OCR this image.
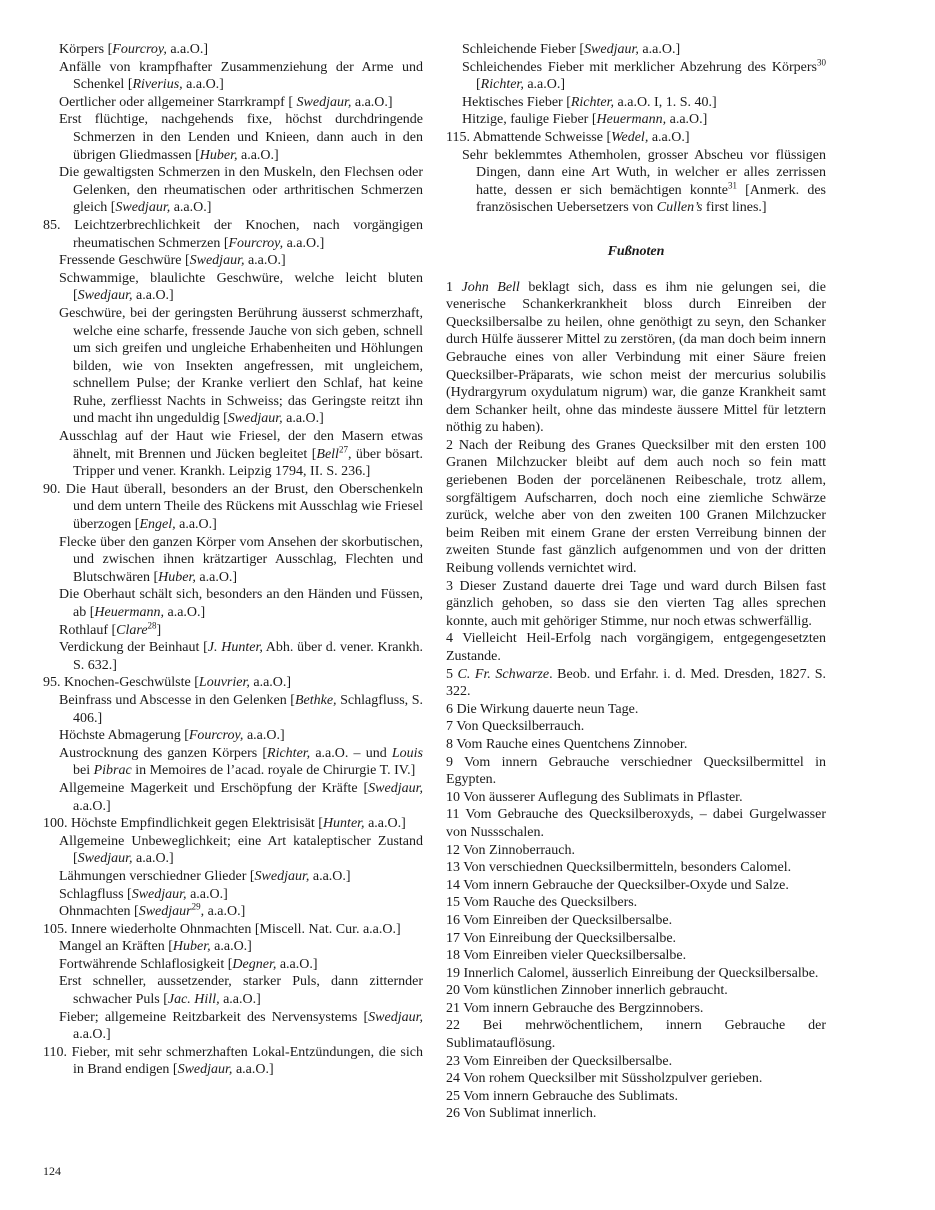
Körpers [Fourcroy, a.a.O.]
Anfälle von krampfhafter Zusammenziehung der Arme und Schenkel [Riverius, a.a.O.]
Oertlicher oder allgemeiner Starrkrampf [ Swedjaur, a.a.O.]
Erst flüchtige, nachgehends fixe, höchst durchdringende Schmerzen in den Lenden und Knieen, dann auch in den übrigen Gliedmassen [Huber, a.a.O.]
Die gewaltigsten Schmerzen in den Muskeln, den Flechsen oder Gelenken, den rheumatischen oder arthritischen Schmerzen gleich [Swedjaur, a.a.O.]
85. Leichtzerbrechlichkeit der Knochen, nach vorgängigen rheumatischen Schmerzen [Fourcroy, a.a.O.]
Fressende Geschwüre [Swedjaur, a.a.O.]
Schwammige, blaulichte Geschwüre, welche leicht bluten [Swedjaur, a.a.O.]
Geschwüre, bei der geringsten Berührung äusserst schmerzhaft, welche eine scharfe, fressende Jauche von sich geben, schnell um sich greifen und ungleiche Erhabenheiten und Höhlungen bilden, wie von Insekten angefressen, mit ungleichem, schnellem Pulse; der Kranke verliert den Schlaf, hat keine Ruhe, zerfliesst Nachts in Schweiss; das Geringste reitzt ihn und macht ihn ungeduldig [Swedjaur, a.a.O.]
Ausschlag auf der Haut wie Friesel, der den Masern etwas ähnelt, mit Brennen und Jücken begleitet [Bell$^{27}$, über bösart. Tripper und vener. Krankh. Leipzig 1794, II. S. 236.]
90. Die Haut überall, besonders an der Brust, den Oberschenkeln und dem untern Theile des Rückens mit Ausschlag wie Friesel überzogen [Engel, a.a.O.]
Flecke über den ganzen Körper vom Ansehen der skorbutischen, und zwischen ihnen krätzartiger Ausschlag, Flechten und Blutschwären [Huber, a.a.O.]
Die Oberhaut schält sich, besonders an den Händen und Füssen, ab [Heuermann, a.a.O.]
Rothlauf [Clare$^{28}$]
Verdickung der Beinhaut [J. Hunter, Abh. über d. vener. Krankh. S. 632.]
95. Knochen-Geschwülste [Louvrier, a.a.O.]
Beinfrass und Abscesse in den Gelenken [Bethke, Schlagfluss, S. 406.]
Höchste Abmagerung [Fourcroy, a.a.O.]
Austrocknung des ganzen Körpers [Richter, a.a.O. – und Louis bei Pibrac in Memoires de l’acad. royale de Chirurgie T. IV.]
Allgemeine Magerkeit und Erschöpfung der Kräfte [Swedjaur, a.a.O.]
100. Höchste Empfindlichkeit gegen Elektrisisät [Hunter, a.a.O.]
Allgemeine Unbeweglichkeit; eine Art kataleptischer Zustand [Swedjaur, a.a.O.]
Lähmungen verschiedner Glieder [Swedjaur, a.a.O.]
Schlagfluss [Swedjaur, a.a.O.]
Ohnmachten [Swedjaur$^{29}$, a.a.O.]
105. Innere wiederholte Ohnmachten [Miscell. Nat. Cur. a.a.O.]
Mangel an Kräften [Huber, a.a.O.]
Fortwährende Schlaflosigkeit [Degner, a.a.O.]
Erst schneller, aussetzender, starker Puls, dann zitternder schwacher Puls [Jac. Hill, a.a.O.]
Fieber; allgemeine Reitzbarkeit des Nervensystems [Swedjaur, a.a.O.]
110. Fieber, mit sehr schmerzhaften Lokal-Entzündungen, die sich in Brand endigen [Swedjaur, a.a.O.]
Schleichende Fieber [Swedjaur, a.a.O.]
Schleichendes Fieber mit merklicher Abzehrung des Körpers$^{30}$ [Richter, a.a.O.]
Hektisches Fieber [Richter, a.a.O. I, 1. S. 40.]
Hitzige, faulige Fieber [Heuermann, a.a.O.]
115. Abmattende Schweisse [Wedel, a.a.O.]
Sehr beklemmtes Athemholen, grosser Abscheu vor flüssigen Dingen, dann eine Art Wuth, in welcher er alles zerrissen hatte, dessen er sich bemächtigen konnte$^{31}$ [Anmerk. des französischen Uebersetzers von Cullen’s first lines.]
Fußnoten
1 John Bell beklagt sich, dass es ihm nie gelungen sei, die venerische Schankerkrankheit bloss durch Einreiben der Quecksilbersalbe zu heilen, ohne genöthigt zu seyn, den Schanker durch Hülfe äusserer Mittel zu zerstören, (da man doch beim innern Gebrauche eines von aller Verbindung mit einer Säure freien Quecksilber-Präparats, wie schon meist der mercurius solubilis (Hydrargyrum oxydulatum nigrum) war, die ganze Krankheit samt dem Schanker heilt, ohne das mindeste äussere Mittel für letztern nöthig zu haben).
2 Nach der Reibung des Granes Quecksilber mit den ersten 100 Granen Milchzucker bleibt auf dem auch noch so fein matt geriebenen Boden der porcelänenen Reibeschale, trotz allem, sorgfältigem Aufscharren, doch noch eine ziemliche Schwärze zurück, welche aber von den zweiten 100 Granen Milchzucker beim Reiben mit einem Grane der ersten Verreibung binnen der zweiten Stunde fast gänzlich aufgenommen und von der dritten Reibung vollends vernichtet wird.
3 Dieser Zustand dauerte drei Tage und ward durch Bilsen fast gänzlich gehoben, so dass sie den vierten Tag alles sprechen konnte, auch mit gehöriger Stimme, nur noch etwas schwerfällig.
4 Vielleicht Heil-Erfolg nach vorgängigem, entgegengesetzten Zustande.
5 C. Fr. Schwarze. Beob. und Erfahr. i. d. Med. Dresden, 1827. S. 322.
6 Die Wirkung dauerte neun Tage.
7 Von Quecksilberrauch.
8 Vom Rauche eines Quentchens Zinnober.
9 Vom innern Gebrauche verschiedner Quecksilbermittel in Egypten.
10 Von äusserer Auflegung des Sublimats in Pflaster.
11 Vom Gebrauche des Quecksilberoxyds, – dabei Gurgelwasser von Nussschalen.
12 Von Zinnoberrauch.
13 Von verschiednen Quecksilbermitteln, besonders Calomel.
14 Vom innern Gebrauche der Quecksilber-Oxyde und Salze.
15 Vom Rauche des Quecksilbers.
16 Vom Einreiben der Quecksilbersalbe.
17 Von Einreibung der Quecksilbersalbe.
18 Vom Einreiben vieler Quecksilbersalbe.
19 Innerlich Calomel, äusserlich Einreibung der Quecksilbersalbe.
20 Vom künstlichen Zinnober innerlich gebraucht.
21 Vom innern Gebrauche des Bergzinnobers.
22 Bei mehrwöchentlichem, innern Gebrauche der Sublimatauflösung.
23 Vom Einreiben der Quecksilbersalbe.
24 Von rohem Quecksilber mit Süssholzpulver gerieben.
25 Vom innern Gebrauche des Sublimats.
26 Von Sublimat innerlich.
124
